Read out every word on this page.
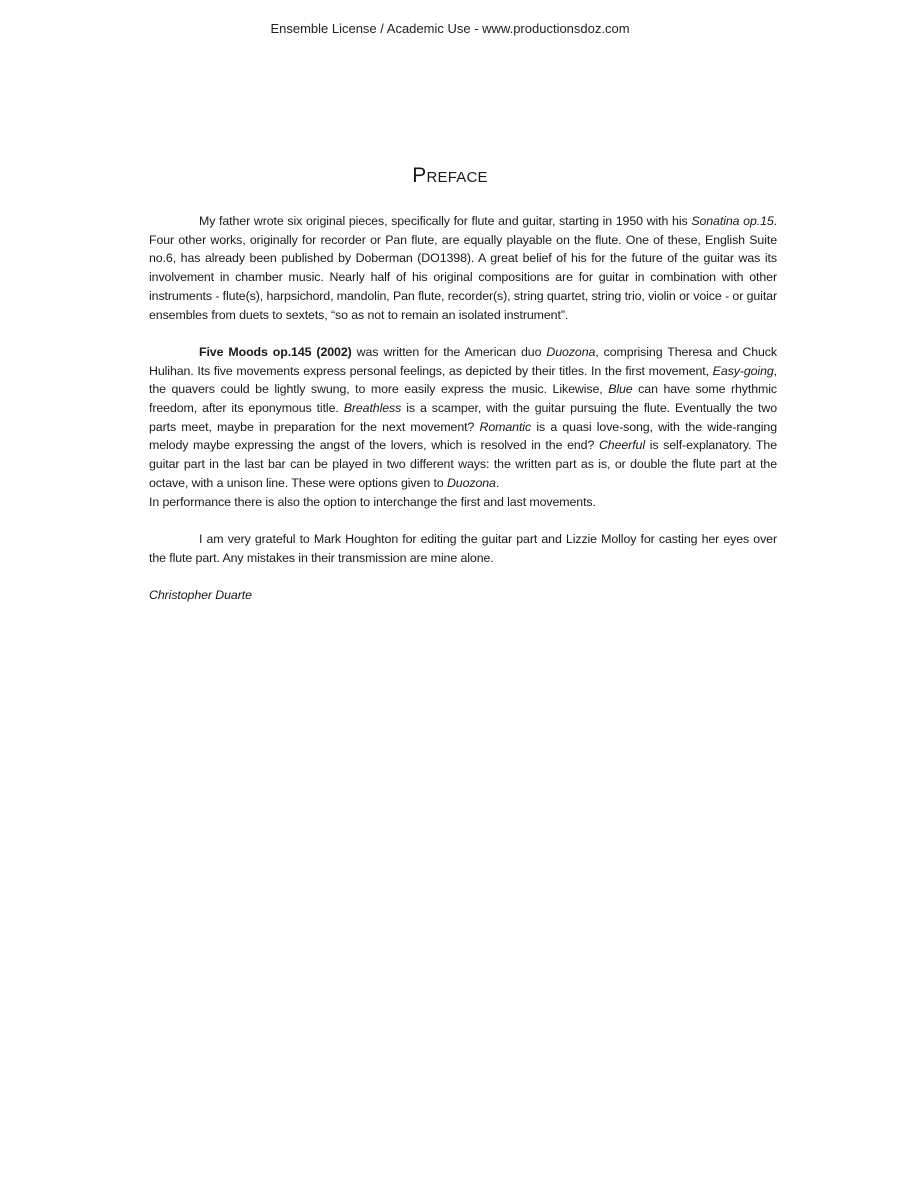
Ensemble License / Academic Use - www.productionsdoz.com
Preface

My father wrote six original pieces, specifically for flute and guitar, starting in 1950 with his Sonatina op.15. Four other works, originally for recorder or Pan flute, are equally playable on the flute. One of these, English Suite no.6, has already been published by Doberman (DO1398). A great belief of his for the future of the guitar was its involvement in chamber music. Nearly half of his original compositions are for guitar in combination with other instruments - flute(s), harpsichord, mandolin, Pan flute, recorder(s), string quartet, string trio, violin or voice - or guitar ensembles from duets to sextets, “so as not to remain an isolated instrument”.

Five Moods op.145 (2002) was written for the American duo Duozona, comprising Theresa and Chuck Hulihan. Its five movements express personal feelings, as depicted by their titles. In the first movement, Easy-going, the quavers could be lightly swung, to more easily express the music. Likewise, Blue can have some rhythmic freedom, after its eponymous title. Breathless is a scamper, with the guitar pursuing the flute. Eventually the two parts meet, maybe in preparation for the next movement? Romantic is a quasi love-song, with the wide-ranging melody maybe expressing the angst of the lovers, which is resolved in the end? Cheerful is self-explanatory. The guitar part in the last bar can be played in two different ways: the written part as is, or double the flute part at the octave, with a unison line. These were options given to Duozona.

In performance there is also the option to interchange the first and last movements.

I am very grateful to Mark Houghton for editing the guitar part and Lizzie Molloy for casting her eyes over the flute part. Any mistakes in their transmission are mine alone.

Christopher Duarte
